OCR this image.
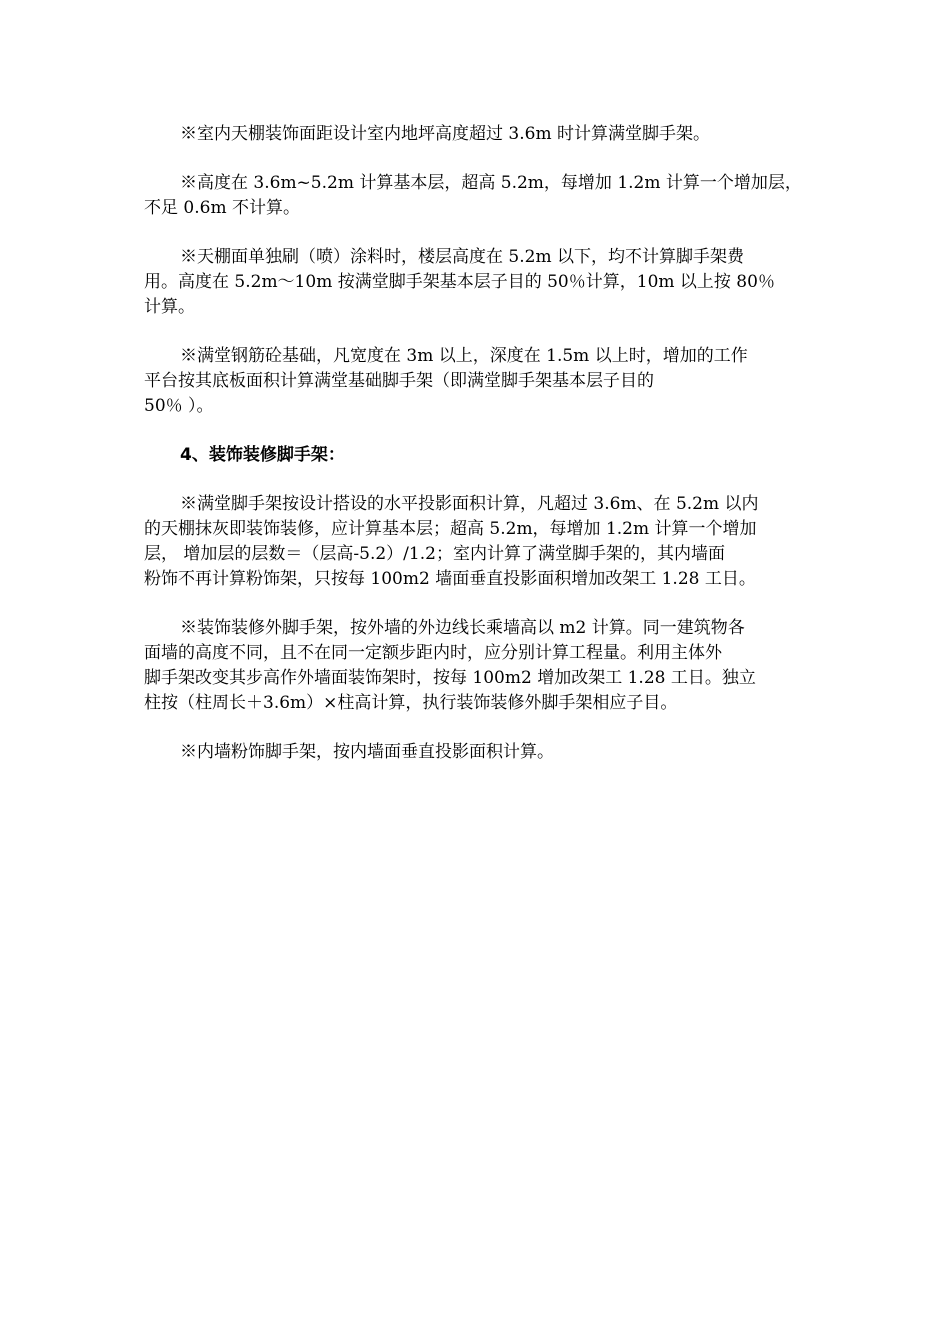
※室内天棚装饰面距设计室内地坪高度超过 3.6m 时计算满堂脚手架。

※高度在 3.6m~5.2m 计算基本层，超高 5.2m，每增加 1.2m 计算一个增加层，
不足 0.6m 不计算。

※天棚面单独刷（喷）涂料时，楼层高度在 5.2m 以下，均不计算脚手架费
用。高度在 5.2m～10m 按满堂脚手架基本层子目的 50％计算，10m 以上按 80％
计算。

※满堂钢筋砼基础，凡宽度在 3m 以上，深度在 1.5m 以上时，增加的工作
平台按其底板面积计算满堂基础脚手架（即满堂脚手架基本层子目的
50％ ）。

4、装饰装修脚手架：

※满堂脚手架按设计搭设的水平投影面积计算，凡超过 3.6m、在 5.2m 以内
的天棚抹灰即装饰装修，应计算基本层；超高 5.2m，每增加 1.2m 计算一个增加
层， 增加层的层数＝（层高-5.2）/1.2；室内计算了满堂脚手架的，其内墙面
粉饰不再计算粉饰架，只按每 100m2 墙面垂直投影面积增加改架工 1.28 工日。

※装饰装修外脚手架，按外墙的外边线长乘墙高以 m2 计算。同一建筑物各
面墙的高度不同，且不在同一定额步距内时，应分别计算工程量。利用主体外
脚手架改变其步高作外墙面装饰架时，按每 100m2 增加改架工 1.28 工日。独立
柱按（柱周长＋3.6m）×柱高计算，执行装饰装修外脚手架相应子目。

※内墙粉饰脚手架，按内墙面垂直投影面积计算。
